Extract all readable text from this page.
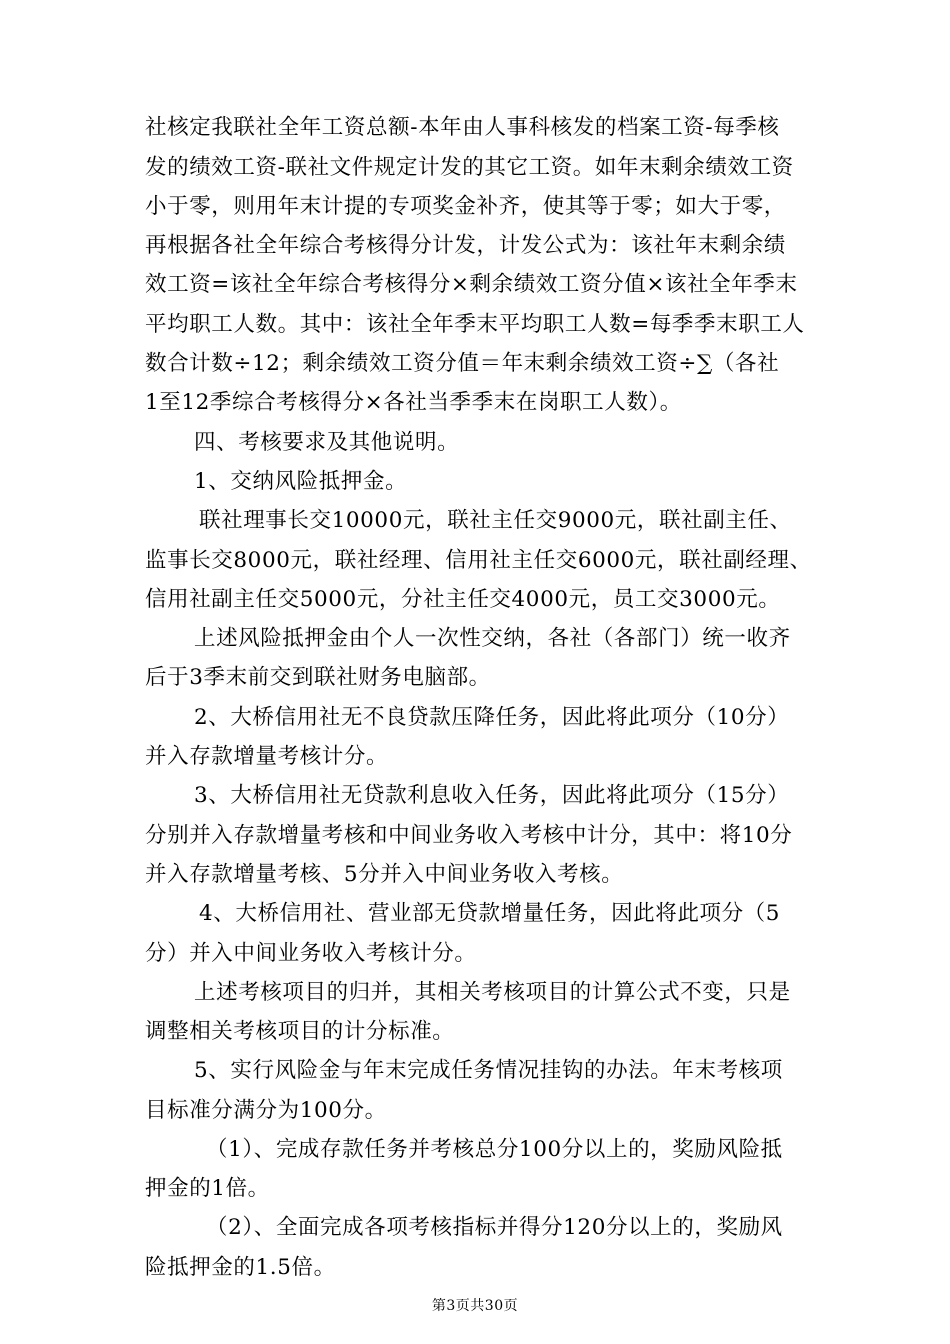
社核定我联社全年工资总额-本年由人事科核发的档案工资-每季核
发的绩效工资-联社文件规定计发的其它工资。如年末剩余绩效工资
小于零，则用年末计提的专项奖金补齐，使其等于零；如大于零，
再根据各社全年综合考核得分计发，计发公式为：该社年末剩余绩
效工资=该社全年综合考核得分×剩余绩效工资分值×该社全年季末
平均职工人数。其中：该社全年季末平均职工人数=每季季末职工人
数合计数÷12；剩余绩效工资分值＝年末剩余绩效工资÷∑（各社
1至12季综合考核得分×各社当季季末在岗职工人数）。
四、考核要求及其他说明。
1、交纳风险抵押金。
联社理事长交10000元，联社主任交9000元，联社副主任、
监事长交8000元，联社经理、信用社主任交6000元，联社副经理、
信用社副主任交5000元，分社主任交4000元，员工交3000元。
上述风险抵押金由个人一次性交纳，各社（各部门）统一收齐
后于3季末前交到联社财务电脑部。
2、大桥信用社无不良贷款压降任务，因此将此项分（10分）
并入存款增量考核计分。
3、大桥信用社无贷款利息收入任务，因此将此项分（15分）
分别并入存款增量考核和中间业务收入考核中计分，其中：将10分
并入存款增量考核、5分并入中间业务收入考核。
4、大桥信用社、营业部无贷款增量任务，因此将此项分（5
分）并入中间业务收入考核计分。
上述考核项目的归并，其相关考核项目的计算公式不变，只是
调整相关考核项目的计分标准。
5、实行风险金与年末完成任务情况挂钩的办法。年末考核项
目标准分满分为100分。
（1）、完成存款任务并考核总分100分以上的，奖励风险抵
押金的1倍。
（2）、全面完成各项考核指标并得分120分以上的，奖励风
险抵押金的1.5倍。
第3页共30页
